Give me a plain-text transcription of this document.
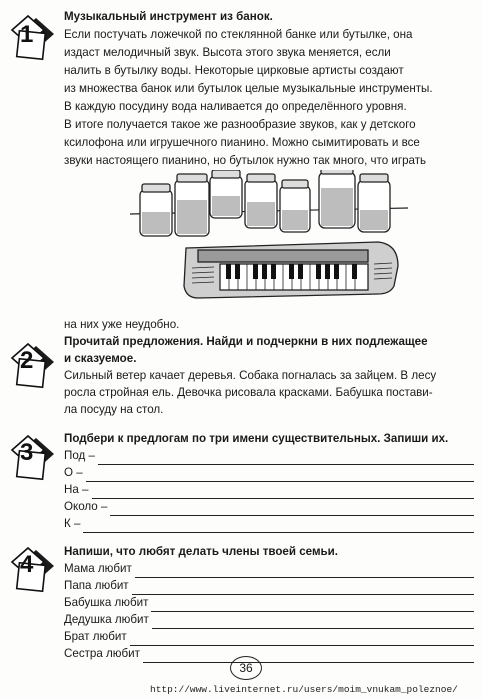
1
2
3
4
Музыкальный инструмент из банок.
Если постучать ложечкой по стеклянной банке или бутылке, она
издаст мелодичный звук. Высота этого звука меняется, если
налить в бутылку воды. Некоторые цирковые артисты создают
из множества банок или бутылок целые музыкальные инструменты.
В каждую посудину вода наливается до определённого уровня.
В итоге получается такое же разнообразие звуков, как у детского
ксилофона или игрушечного пианино. Можно сымитировать и все
звуки настоящего пианино, но бутылок нужно так много, что играть
на них уже неудобно.
Прочитай предложения. Найди и подчеркни в них подлежащее
и сказуемое.
Сильный ветер качает деревья. Собака погналась за зайцем. В лесу
росла стройная ель. Девочка рисовала красками. Бабушка постави-
ла посуду на стол.
Подбери к предлогам по три имени существительных. Запиши их.
Под –
О –
На –
Около –
К –
Напиши, что любят делать члены твоей семьи.
Мама любит
Папа любит
Бабушка любит
Дедушка любит
Брат любит
Сестра любит
36
http://www.liveinternet.ru/users/moim_vnukam_poleznoe/
